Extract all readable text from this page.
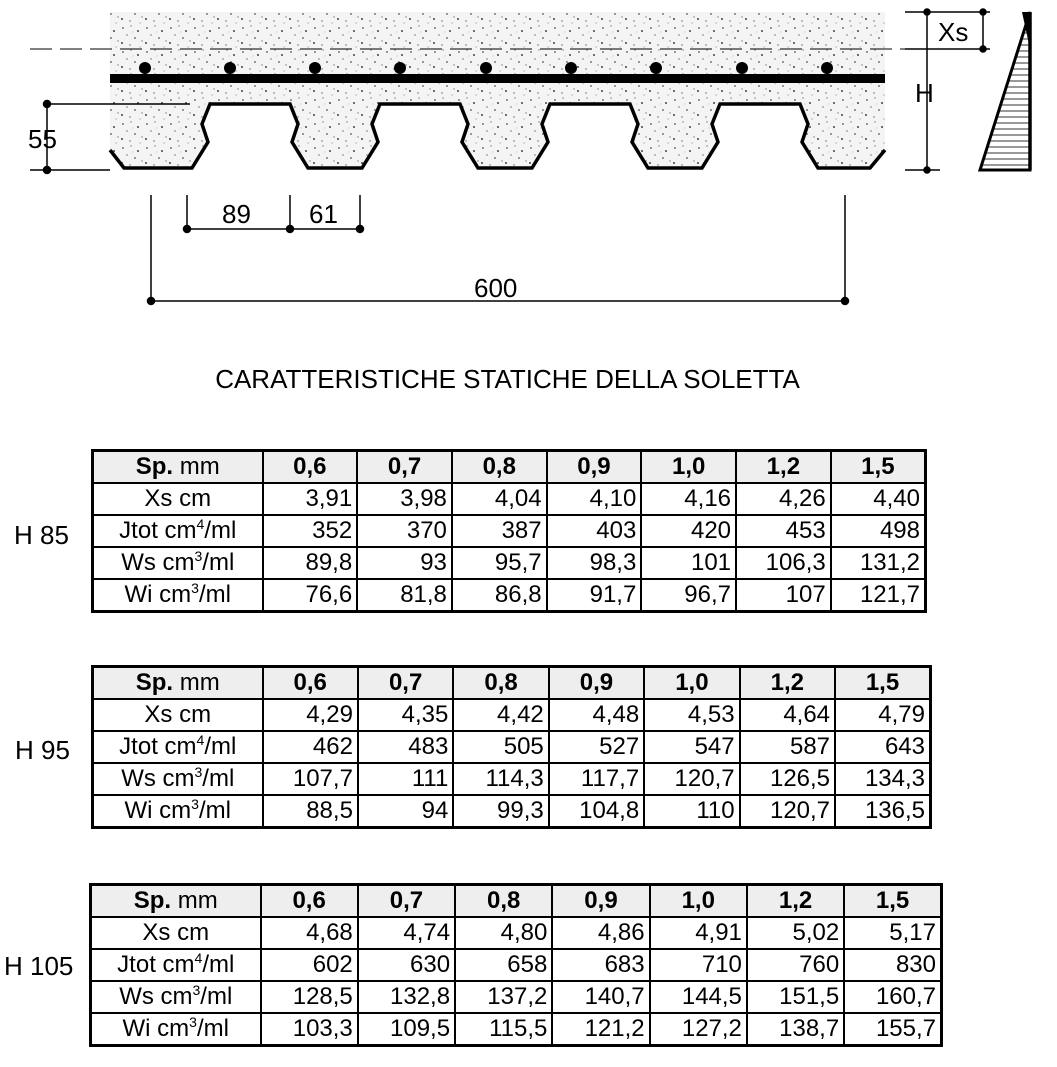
55
89 61
600
Xs
H
CARATTERISTICHE STATICHE DELLA SOLETTA
H 85
Sp. mm	0,6	0,7	0,8	0,9	1,0	1,2	1,5
Xs cm	3,91	3,98	4,04	4,10	4,16	4,26	4,40
Jtot $cm^4/ml$	352	370	387	403	420	453	498
Ws $cm^3/ml$	89,8	93	95,7	98,3	101	106,3	131,2
Wi $cm^3/ml$	76,6	81,8	86,8	91,7	96,7	107	121,7
H 95
Sp. mm	0,6	0,7	0,8	0,9	1,0	1,2	1,5
Xs cm	4,29	4,35	4,42	4,48	4,53	4,64	4,79
Jtot $cm^4/ml$	462	483	505	527	547	587	643
Ws $cm^3/ml$	107,7	111	114,3	117,7	120,7	126,5	134,3
Wi $cm^3/ml$	88,5	94	99,3	104,8	110	120,7	136,5
H 105
Sp. mm	0,6	0,7	0,8	0,9	1,0	1,2	1,5
Xs cm	4,68	4,74	4,80	4,86	4,91	5,02	5,17
Jtot $cm^4/ml$	602	630	658	683	710	760	830
Ws $cm^3/ml$	128,5	132,8	137,2	140,7	144,5	151,5	160,7
Wi $cm^3/ml$	103,3	109,5	115,5	121,2	127,2	138,7	155,7
